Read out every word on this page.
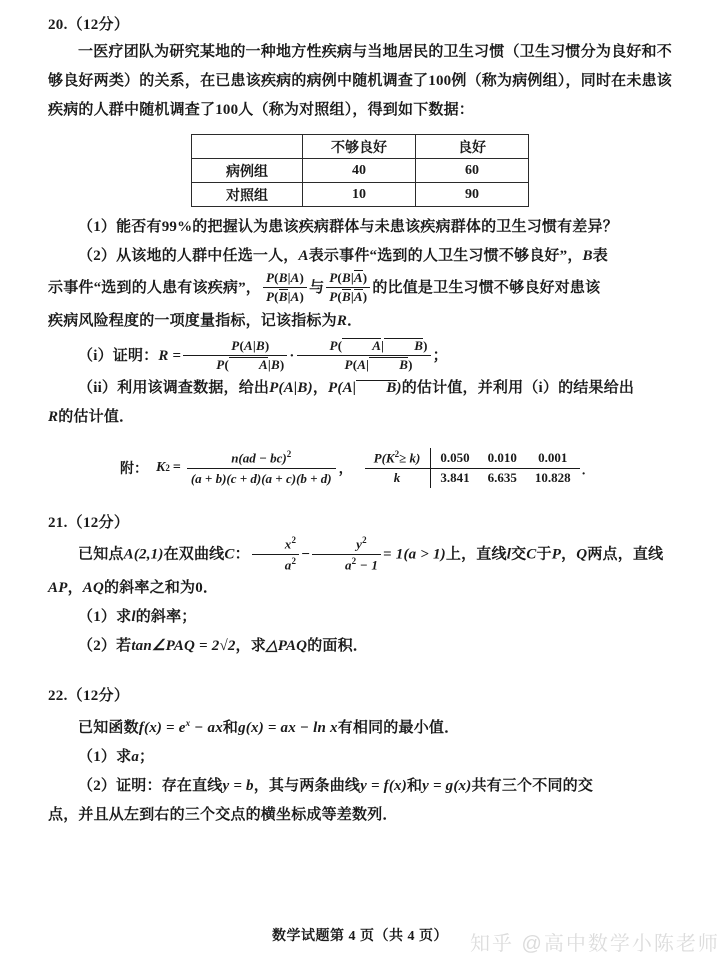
20.（12分）

一医疗团队为研究某地的一种地方性疾病与当地居民的卫生习惯（卫生习惯分为良好和不够良好两类）的关系，在已患该疾病的病例中随机调查了100例（称为病例组），同时在未患该疾病的人群中随机调查了100人（称为对照组），得到如下数据：

	不够良好	良好
病例组	40	60
对照组	10	90

（1）能否有99%的把握认为患该疾病群体与未患该疾病群体的卫生习惯有差异？

（2）从该地的人群中任选一人，A表示事件“选到的人卫生习惯不够良好”，B表

示事件“选到的人患有该疾病”， $\frac{P(B|A)}{P(B|A)}$ 与 $\frac{P(B|A)}{P(B|A)}$ 的比值是卫生习惯不够良好对患该

疾病风险程度的一项度量指标，记该指标为R．

（i）证明：$R = \frac{P(A|B)}{P( A|B)} \cdot \frac{P( A| B)}{P(A| B)}$ ；

（ii）利用该调查数据，给出P(A|B)，P(A| B)的估计值，并利用（i）的结果给出

R的估计值．

附： K $2 = \frac{n(ad - bc)^2}{(a + b)(c + d)(a + c)(b + d)}$ ，
$P(K^2\ge k)$	0.050	0.010	0.001
k	3.841	6.635	10.828
．
21.（12分）

已知点A(2,1)在双曲线C： $\frac{x^2}{a^2} - \frac{y^2}{a^2 - 1} = 1(a > 1)$上，直线l交C于P，Q两点，直线

AP，AQ的斜率之和为0．

（1）求l的斜率；

（2）若tan∠PAQ = 2√2，求△PAQ的面积．

22.（12分）

已知函数$f(x) = e^x$ − ax和g(x) = ax − ln x有相同的最小值．

（1）求a；

（2）证明：存在直线y = b，其与两条曲线y = f(x)和y = g(x)共有三个不同的交

点，并且从左到右的三个交点的横坐标成等差数列．

数学试题第 4 页（共 4 页）	知乎 @高中数学小陈老师
